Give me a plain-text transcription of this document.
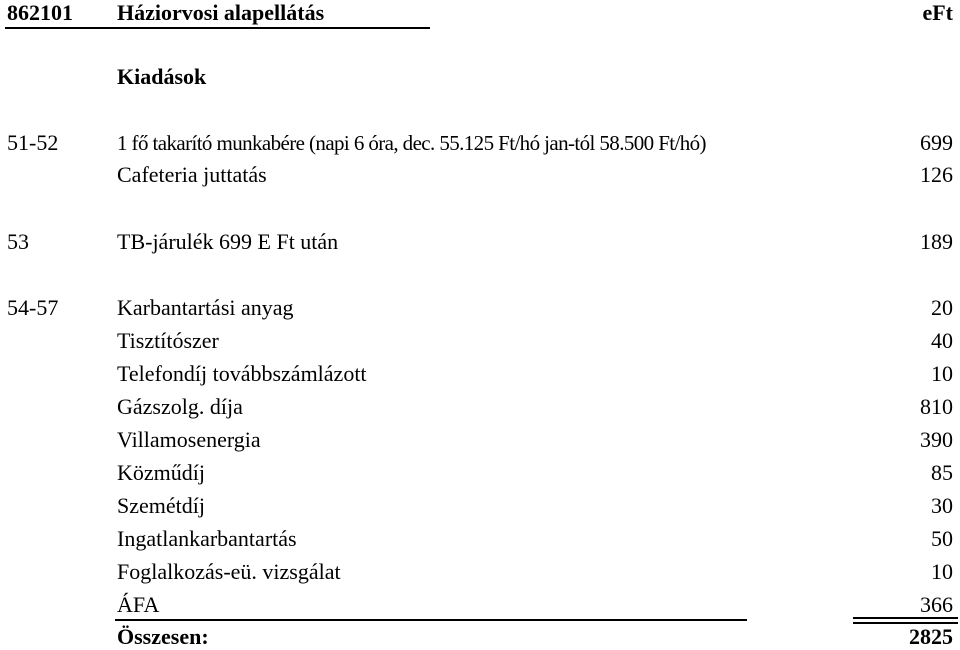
862101 Háziorvosi alapellátás	eFt
Kiadások
51-52	1 fő takarító munkabére (napi 6 óra, dec. 55.125 Ft/hó jan-tól 58.500 Ft/hó)	699
Cafeteria juttatás	126
53	TB-járulék 699 E Ft után	189
54-57	Karbantartási anyag	20
Tisztítószer	40
Telefondíj továbbszámlázott	10
Gázszolg. díja	810
Villamosenergia	390
Közműdíj	85
Szemétdíj	30
Ingatlankarbantartás	50
Foglalkozás-eü. vizsgálat	10
ÁFA	366
Összesen:	2825
